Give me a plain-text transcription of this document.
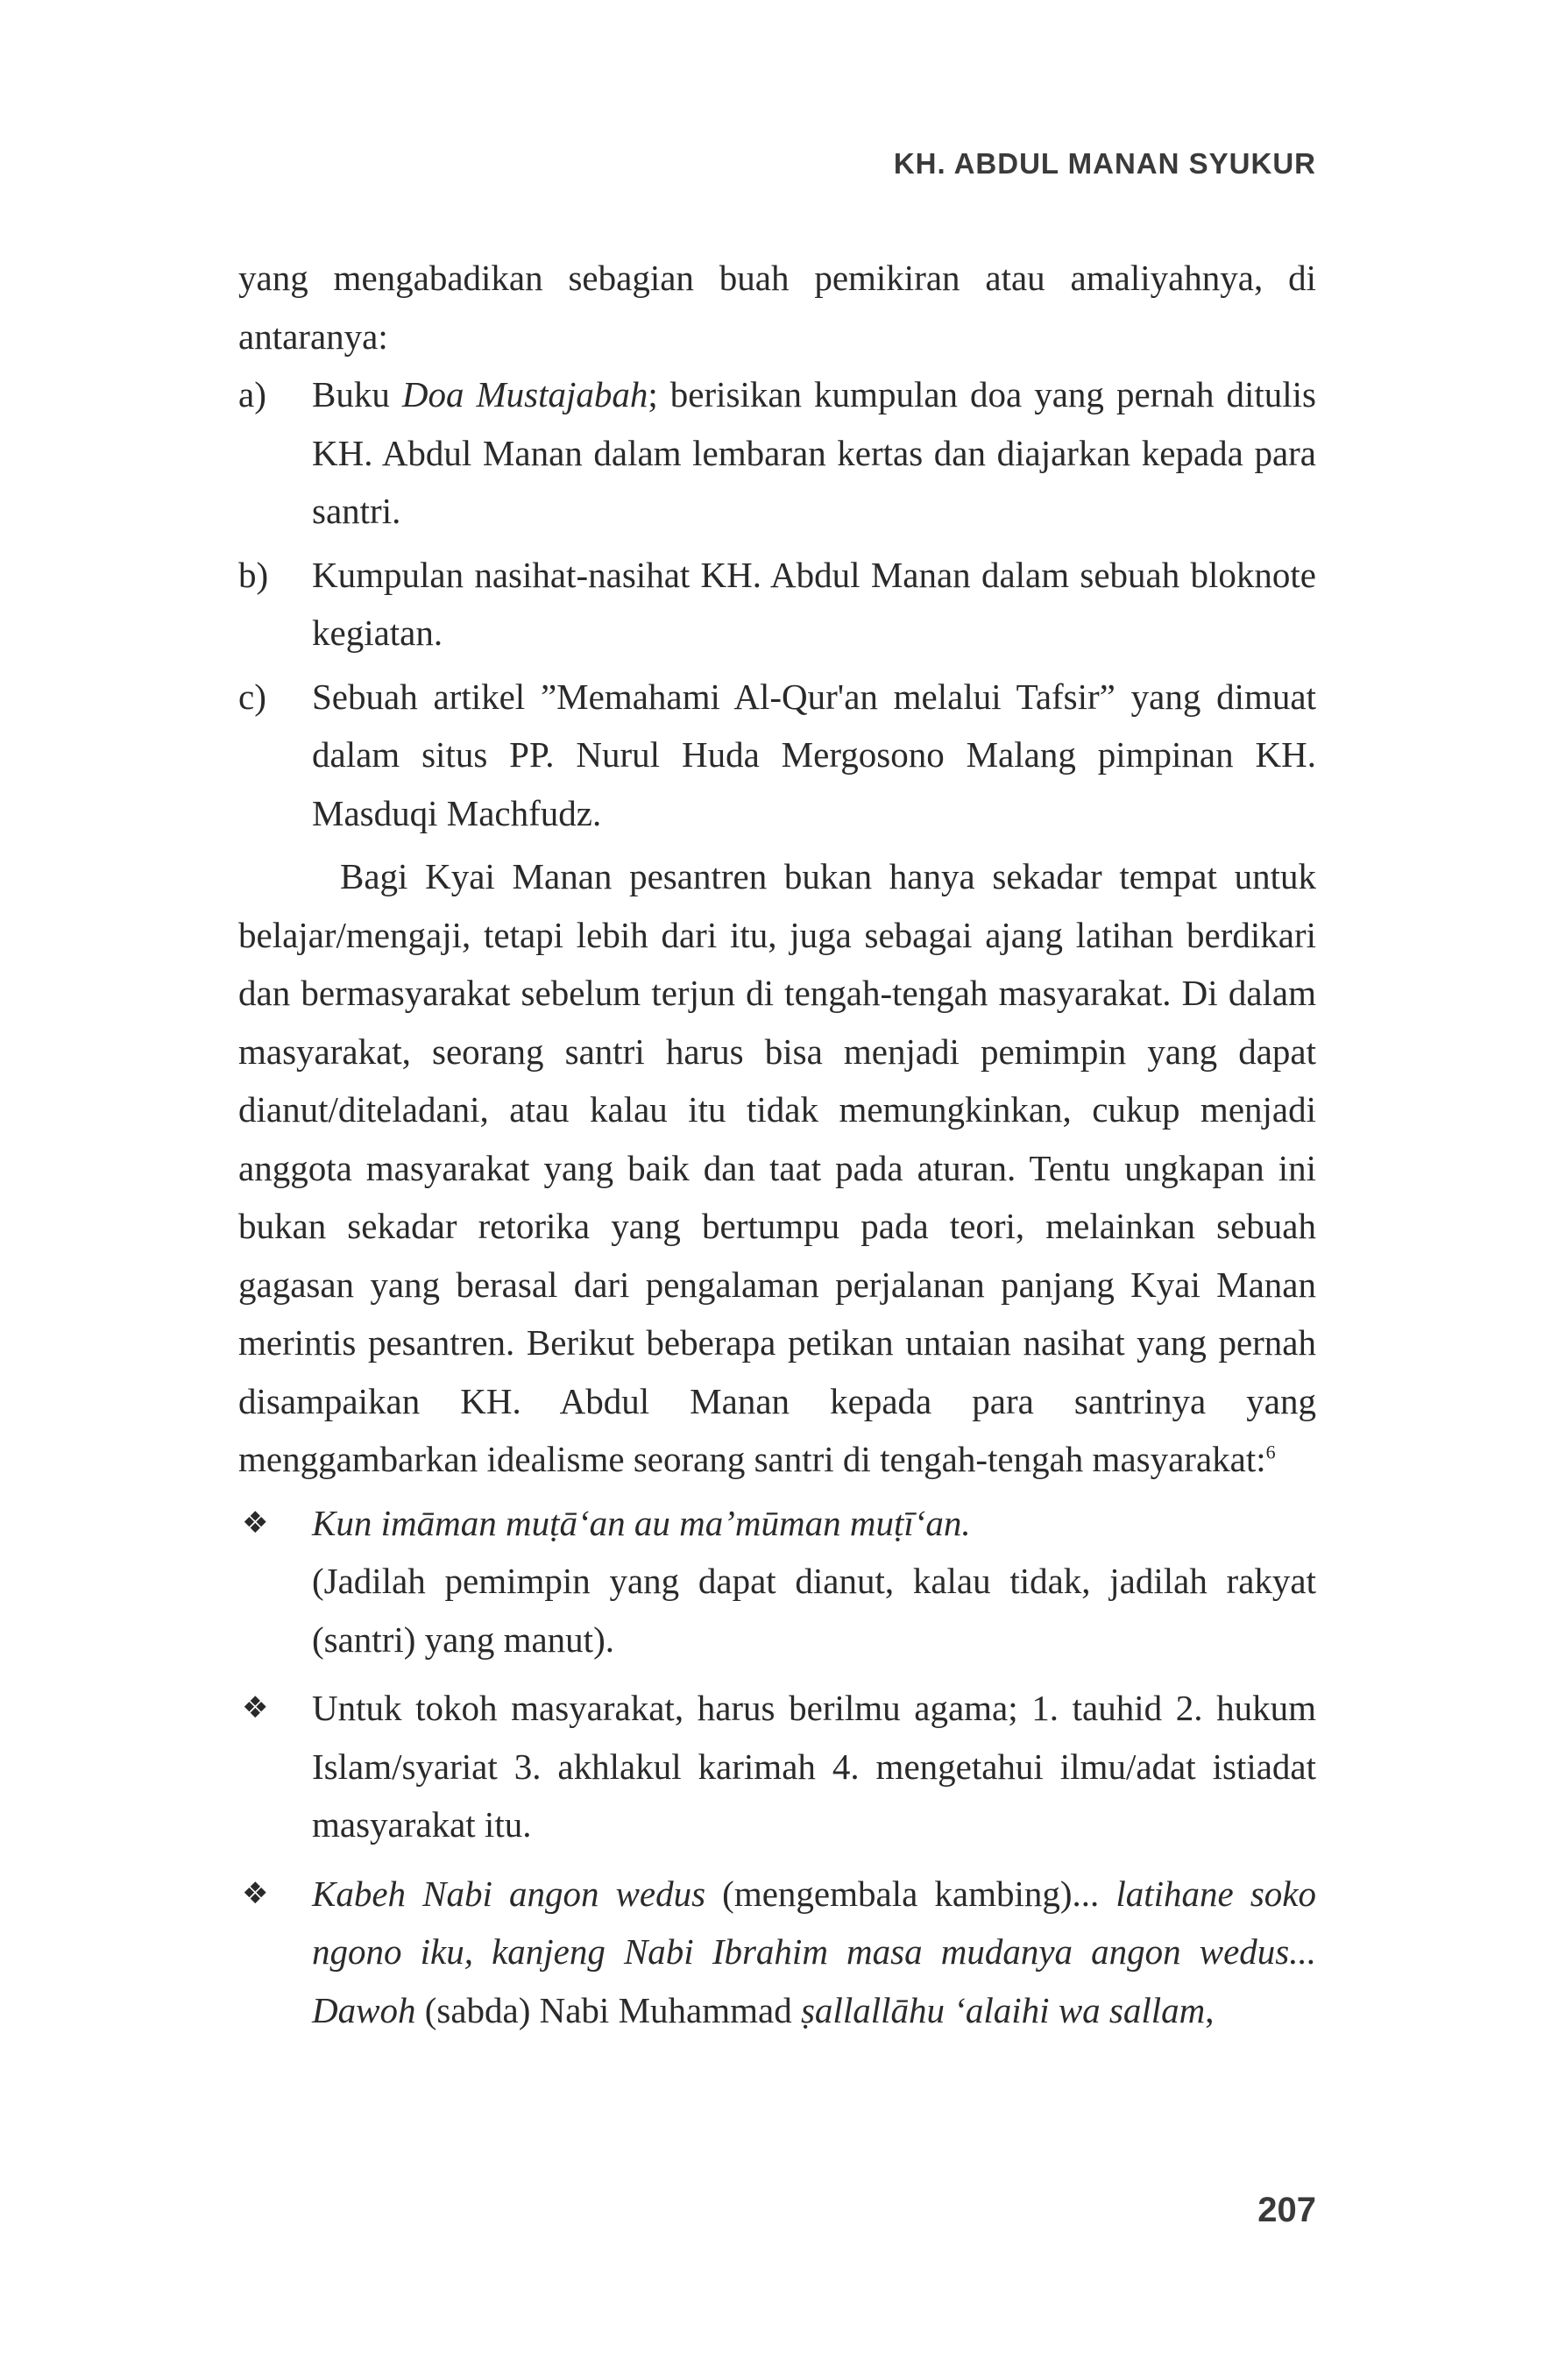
KH. ABDUL MANAN SYUKUR

yang mengabadikan sebagian buah pemikiran atau amaliyahnya, di antaranya:

a) Buku Doa Mustajabah; berisikan kumpulan doa yang pernah ditulis KH. Abdul Manan dalam lembaran kertas dan diajarkan kepada para santri.
b) Kumpulan nasihat-nasihat KH. Abdul Manan dalam sebuah bloknote kegiatan.
c) Sebuah artikel ”Memahami Al-Qur'an melalui Tafsir” yang dimuat dalam situs PP. Nurul Huda Mergosono Malang pimpinan KH. Masduqi Machfudz.

Bagi Kyai Manan pesantren bukan hanya sekadar tempat untuk belajar/mengaji, tetapi lebih dari itu, juga sebagai ajang latihan berdikari dan bermasyarakat sebelum terjun di tengah-tengah masyarakat. Di dalam masyarakat, seorang santri harus bisa menjadi pemimpin yang dapat dianut/diteladani, atau kalau itu tidak memungkinkan, cukup menjadi anggota masyarakat yang baik dan taat pada aturan. Tentu ungkapan ini bukan sekadar retorika yang bertumpu pada teori, melainkan sebuah gagasan yang berasal dari pengalaman perjalanan panjang Kyai Manan merintis pesantren. Berikut beberapa petikan untaian nasihat yang pernah disampaikan KH. Abdul Manan kepada para santrinya yang menggambarkan idealisme seorang santri di tengah-tengah masyarakat:$^6$

❖ Kun imāman muṭā‘an au ma’mūman muṭī‘an.
(Jadilah pemimpin yang dapat dianut, kalau tidak, jadilah rakyat (santri) yang manut).
❖ Untuk tokoh masyarakat, harus berilmu agama; 1. tauhid 2. hukum Islam/syariat 3. akhlakul karimah 4. mengetahui ilmu/adat istiadat masyarakat itu.
❖ Kabeh Nabi angon wedus (mengembala kambing)... latihane soko ngono iku, kanjeng Nabi Ibrahim masa mudanya angon wedus... Dawoh (sabda) Nabi Muhammad ṣallallāhu ‘alaihi wa sallam,
207
